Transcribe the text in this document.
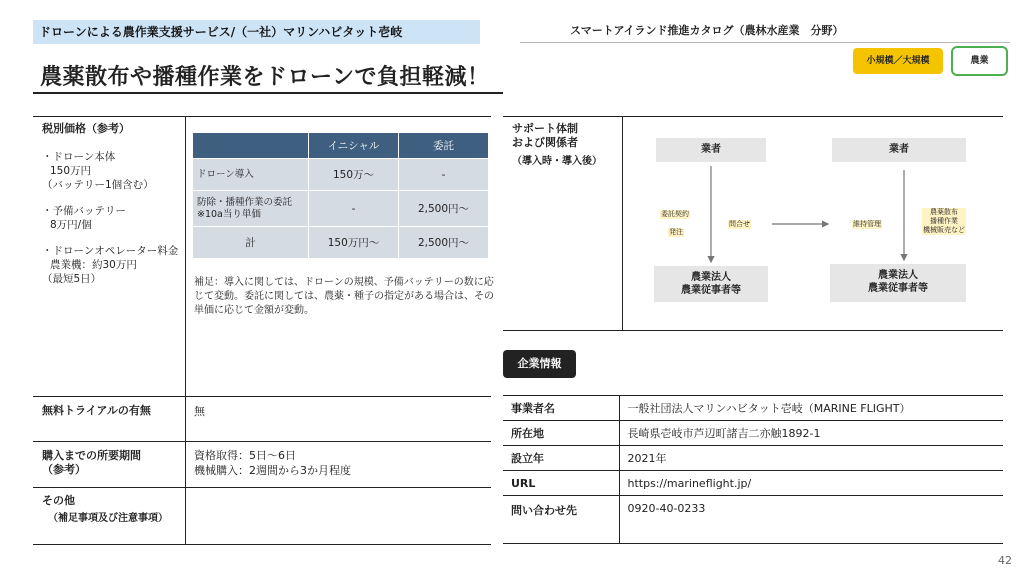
ドローンによる農作業支援サービス/（一社）マリンハビタット壱岐	スマートアイランド推進カタログ（農林水産業　分野）
小規模／大規模	農業
農薬散布や播種作業をドローンで負担軽減！
税別価格（参考）
・ドローン本体
150万円
（バッテリー1個含む）
・予備バッテリー
8万円/個
・ドローンオペレーター料金
農業機：約30万円
（最短5日）
	イニシャル	委託
ドローン導入	150万～	-
防除・播種作業の委託
※10a当り単価	-	2,500円～
計	150万円～	2,500円～
補足：導入に関しては、ドローンの規模、予備バッテリーの数に応じて変動。委託に関しては、農薬・種子の指定がある場合は、その単価に応じて金額が変動。
無料トライアルの有無	無
購入までの所要期間
（参考）
資格取得：5日～6日
機械購入：2週間から3か月程度
その他
（補足事項及び注意事項）
サポート体制
および関係者
（導入時・導入後）
業者	業者
農業法人
農業従事者等
農業法人
農業従事者等
委託契約
発注
問合せ	維持管理
農薬散布
播種作業
機械販売など
企業情報
事業者名	一般社団法人マリンハビタット壱岐（MARINE FLIGHT）
所在地	長崎県壱岐市芦辺町諸吉二亦触1892-1
設立年	2021年
URL	https://marineflight.jp/
問い合わせ先	0920-40-0233
42
